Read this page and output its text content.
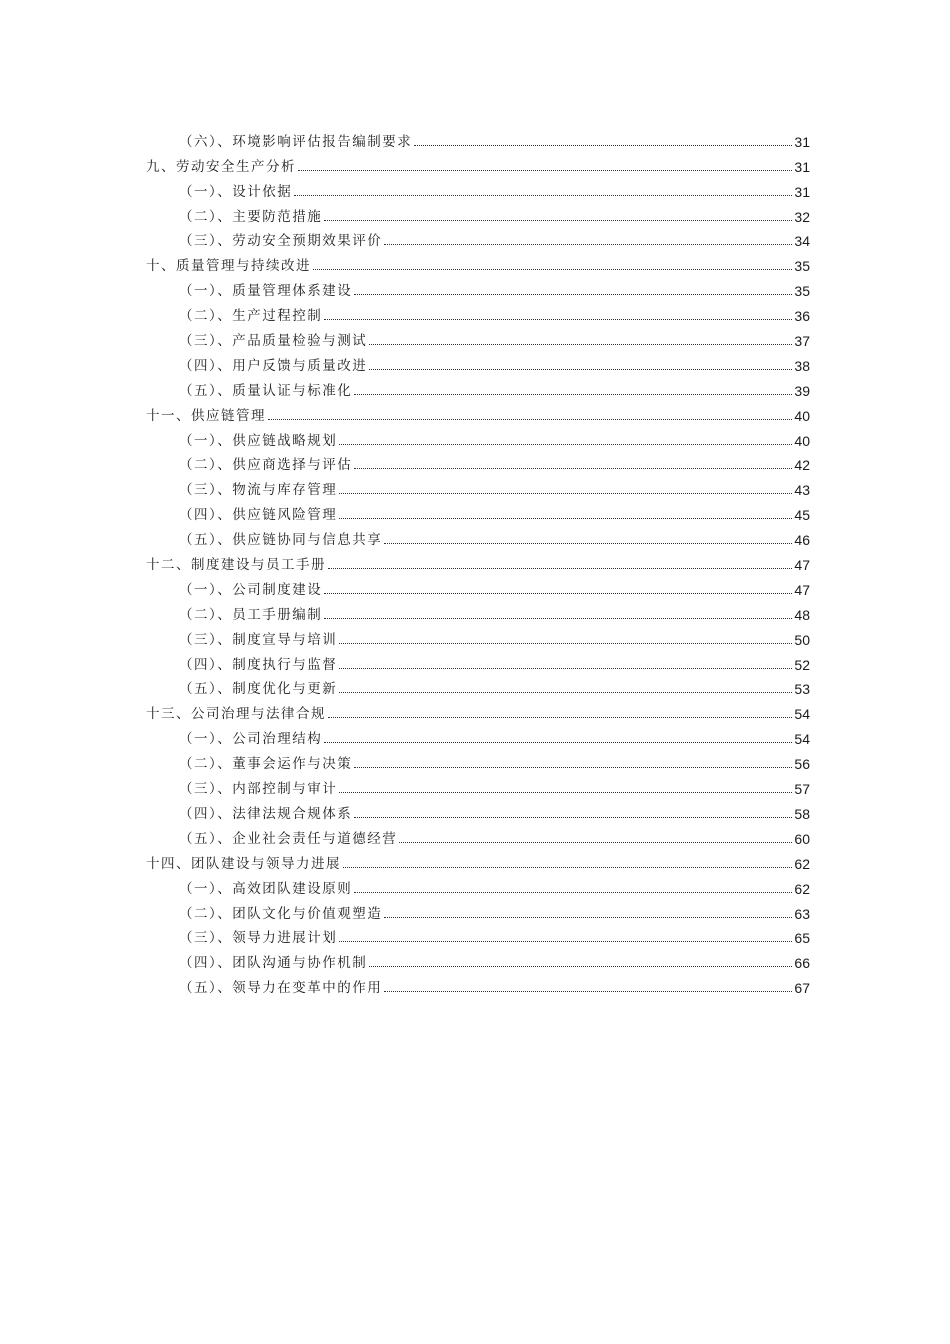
（六）、环境影响评估报告编制要求	31
九、劳动安全生产分析	31
（一）、设计依据	31
（二）、主要防范措施	32
（三）、劳动安全预期效果评价	34
十、质量管理与持续改进	35
（一）、质量管理体系建设	35
（二）、生产过程控制	36
（三）、产品质量检验与测试	37
（四）、用户反馈与质量改进	38
（五）、质量认证与标准化	39
十一、供应链管理	40
（一）、供应链战略规划	40
（二）、供应商选择与评估	42
（三）、物流与库存管理	43
（四）、供应链风险管理	45
（五）、供应链协同与信息共享	46
十二、制度建设与员工手册	47
（一）、公司制度建设	47
（二）、员工手册编制	48
（三）、制度宣导与培训	50
（四）、制度执行与监督	52
（五）、制度优化与更新	53
十三、公司治理与法律合规	54
（一）、公司治理结构	54
（二）、董事会运作与决策	56
（三）、内部控制与审计	57
（四）、法律法规合规体系	58
（五）、企业社会责任与道德经营	60
十四、团队建设与领导力进展	62
（一）、高效团队建设原则	62
（二）、团队文化与价值观塑造	63
（三）、领导力进展计划	65
（四）、团队沟通与协作机制	66
（五）、领导力在变革中的作用	67
